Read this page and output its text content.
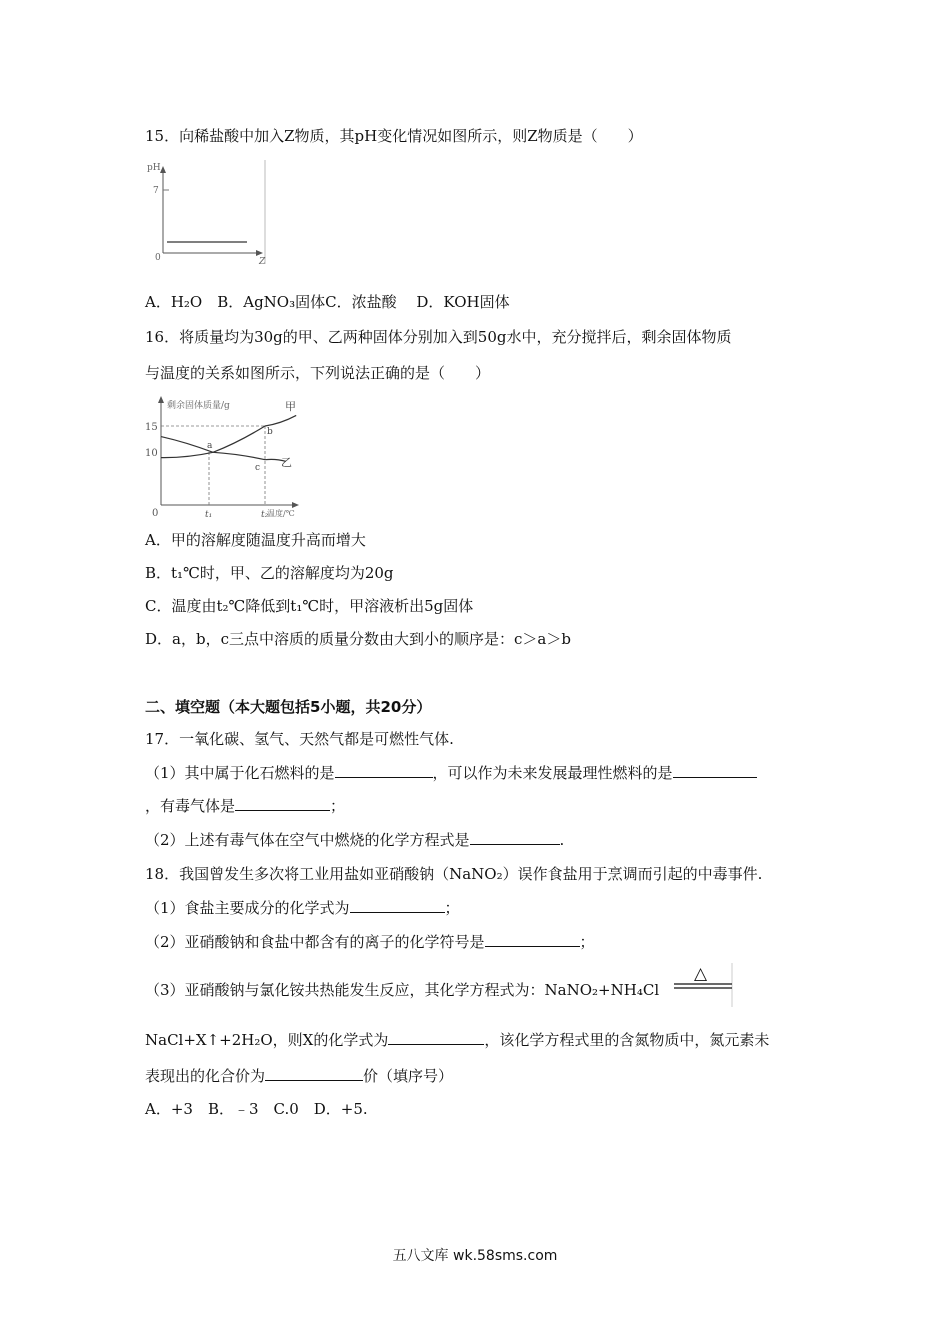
15．向稀盐酸中加入Z物质，其pH变化情况如图所示，则Z物质是（　　）
pH
7
0	Z
A．H₂O　B．AgNO₃固体C．浓盐酸　 D．KOH固体
16．将质量均为30g的甲、乙两种固体分别加入到50g水中，充分搅拌后，剩余固体物质
与温度的关系如图所示，下列说法正确的是（　　）
剩余固体质量/g
15
10
0	t₁	t₂
温度/℃
a
b
c
甲
乙
A．甲的溶解度随温度升高而增大
B．t₁℃时，甲、乙的溶解度均为20g
C．温度由t₂℃降低到t₁℃时，甲溶液析出5g固体
D．a，b，c三点中溶质的质量分数由大到小的顺序是：c＞a＞b
二、填空题（本大题包括5小题，共20分）
17．一氧化碳、氢气、天然气都是可燃性气体.
（1）其中属于化石燃料的是	，可以作为未来发展最理性燃料的是
，有毒气体是	；
（2）上述有毒气体在空气中燃烧的化学方程式是	.
18．我国曾发生多次将工业用盐如亚硝酸钠（NaNO₂）误作食盐用于烹调而引起的中毒事件.
（1）食盐主要成分的化学式为	；
（2）亚硝酸钠和食盐中都含有的离子的化学符号是	；
（3）亚硝酸钠与氯化铵共热能发生反应，其化学方程式为：NaNO₂+NH₄Cl
△
NaCl+X↑+2H₂O，则X的化学式为	，该化学方程式里的含氮物质中，氮元素未
表现出的化合价为	价（填序号）
A．+3　B．﹣3　C.0　D．+5.
五八文库 wk.58sms.com
